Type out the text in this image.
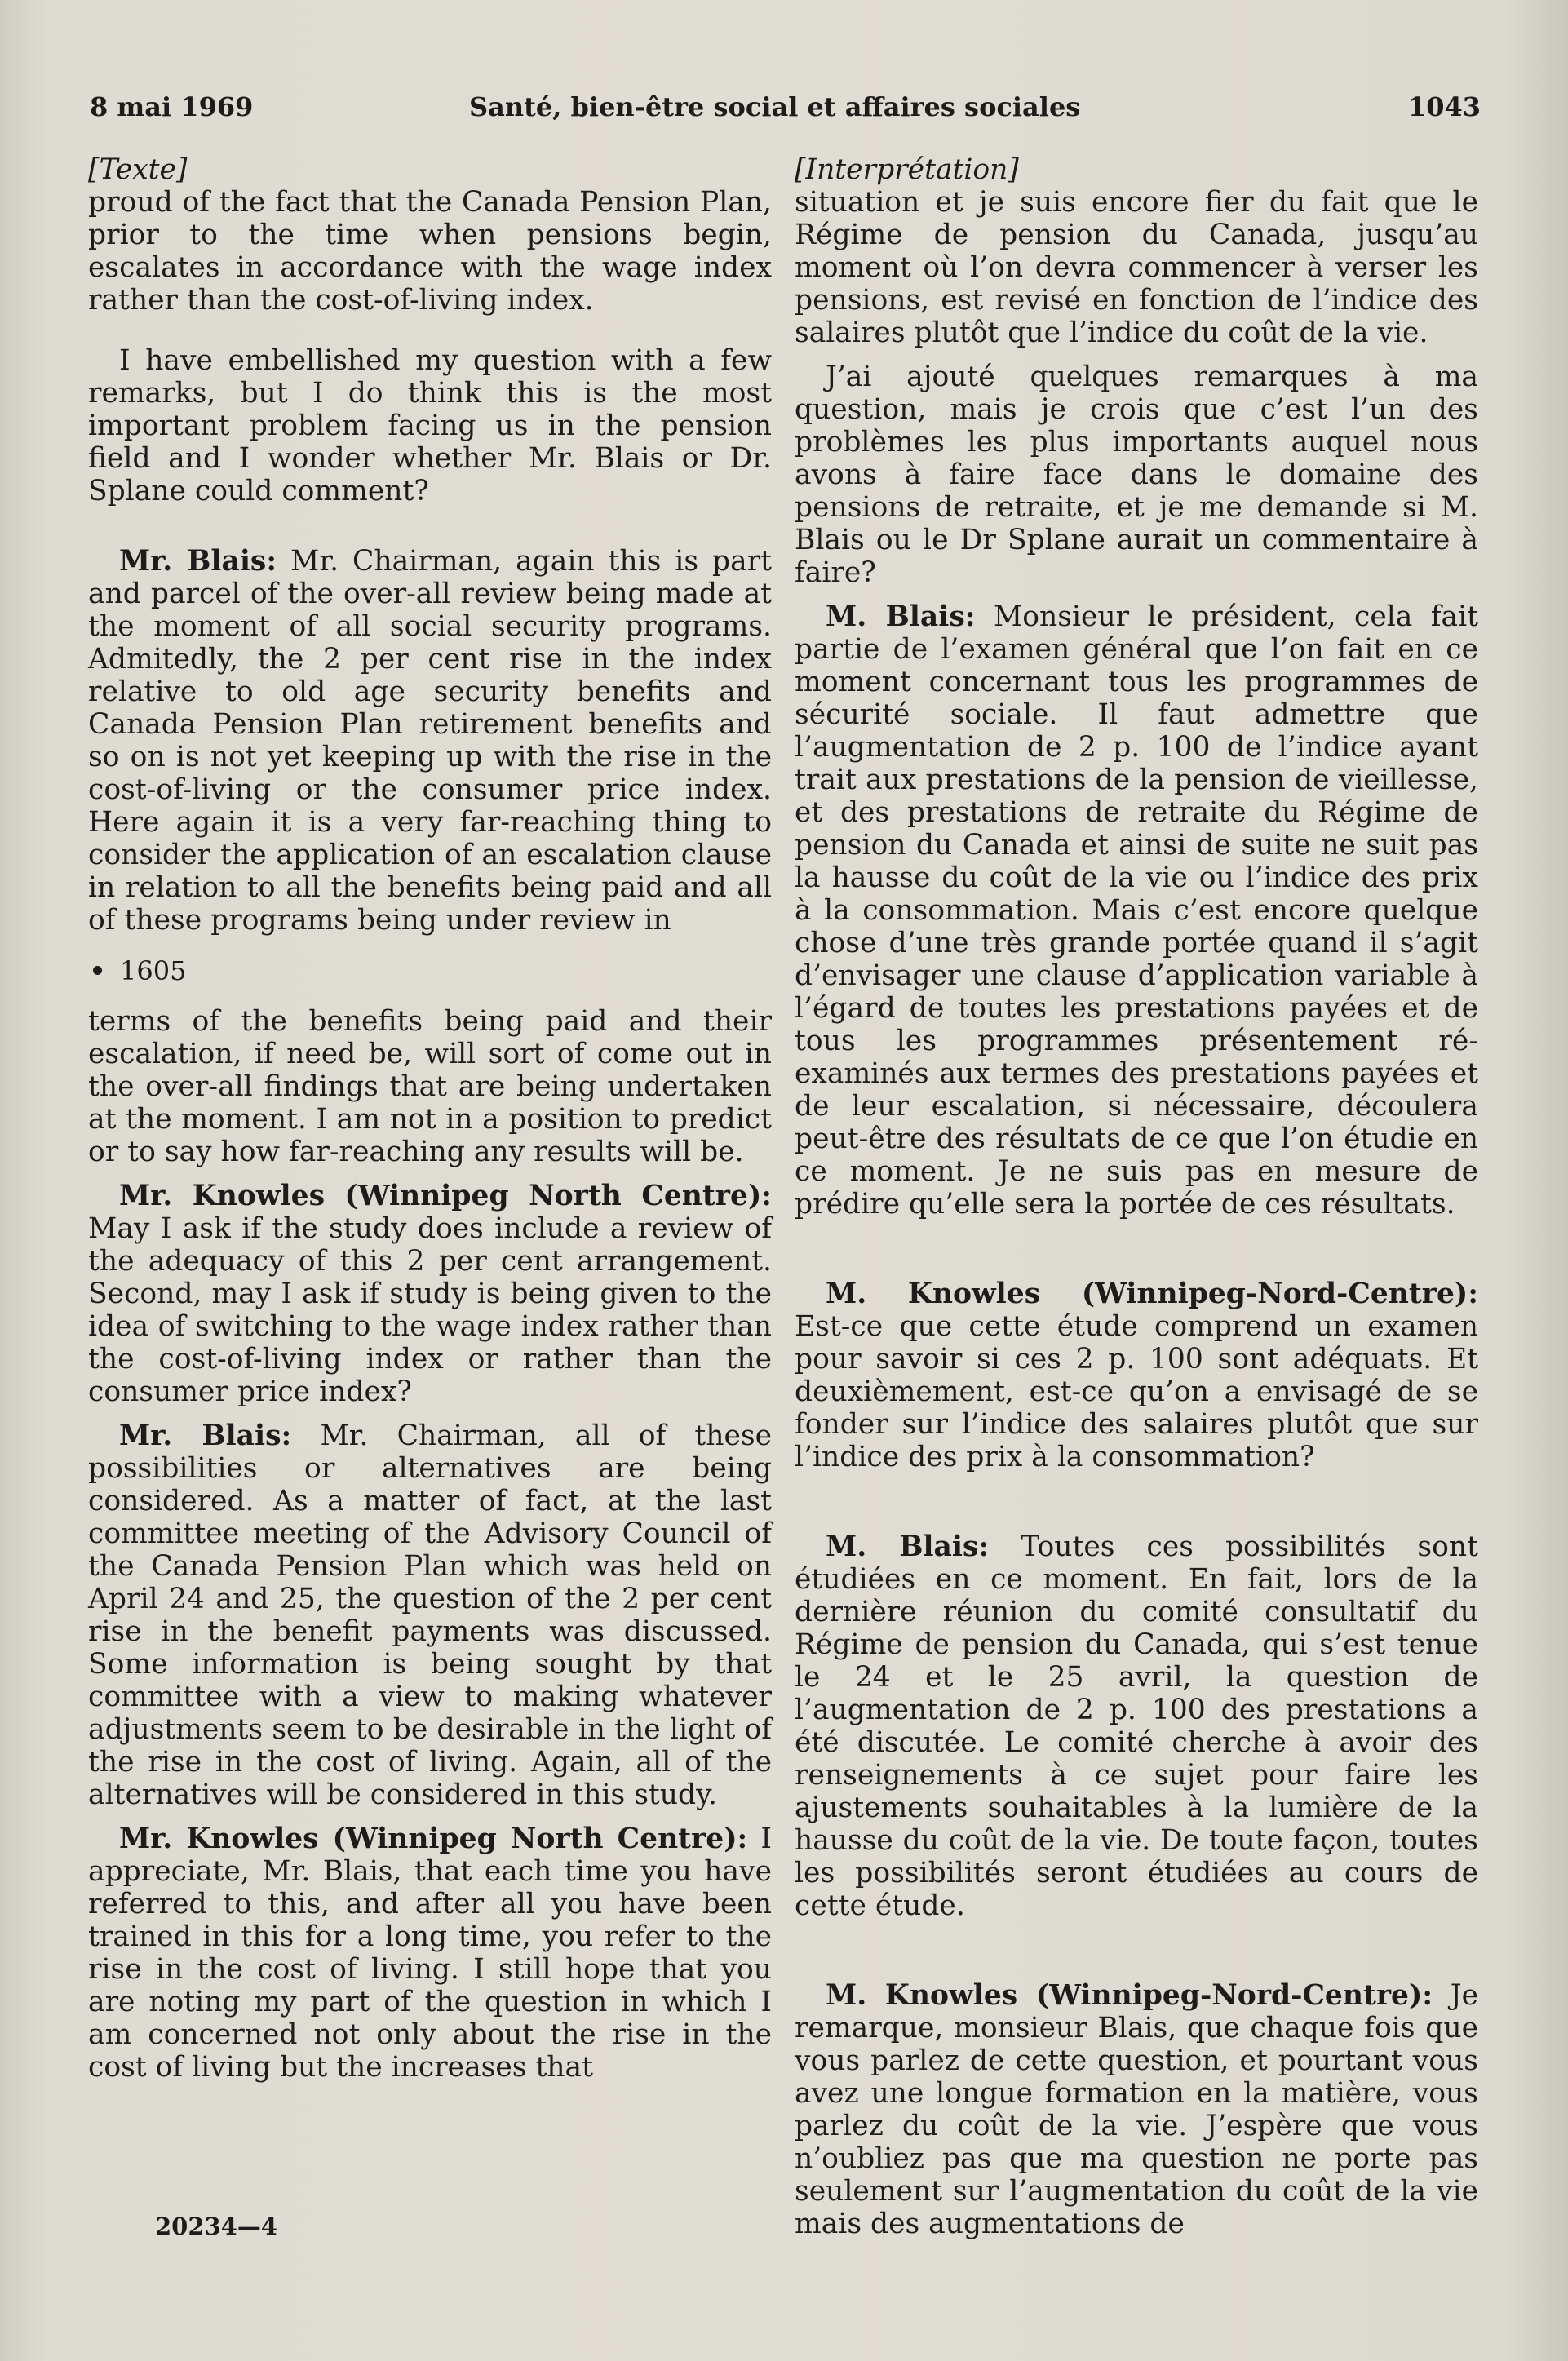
8 mai 1969	Santé, bien-être social et affaires sociales	1043
[Texte]

proud of the fact that the Canada Pension Plan, prior to the time when pensions begin, escalates in accordance with the wage index rather than the cost-of-living index.

I have embellished my question with a few remarks, but I do think this is the most important problem facing us in the pension field and I wonder whether Mr. Blais or Dr. Splane could comment?

Mr. Blais: Mr. Chairman, again this is part and parcel of the over-all review being made at the moment of all social security programs. Admitedly, the 2 per cent rise in the index relative to old age security benefits and Canada Pension Plan retirement benefits and so on is not yet keeping up with the rise in the cost-of-living or the consumer price index. Here again it is a very far-reaching thing to consider the application of an escalation clause in relation to all the benefits being paid and all of these programs being under review in

1605

terms of the benefits being paid and their escalation, if need be, will sort of come out in the over-all findings that are being undertaken at the moment. I am not in a position to predict or to say how far-reaching any results will be.

Mr. Knowles (Winnipeg North Centre): May I ask if the study does include a review of the adequacy of this 2 per cent arrangement. Second, may I ask if study is being given to the idea of switching to the wage index rather than the cost-of-living index or rather than the consumer price index?

Mr. Blais: Mr. Chairman, all of these possibilities or alternatives are being considered. As a matter of fact, at the last committee meeting of the Advisory Council of the Canada Pension Plan which was held on April 24 and 25, the question of the 2 per cent rise in the benefit payments was discussed. Some information is being sought by that committee with a view to making whatever adjustments seem to be desirable in the light of the rise in the cost of living. Again, all of the alternatives will be considered in this study.

Mr. Knowles (Winnipeg North Centre): I appreciate, Mr. Blais, that each time you have referred to this, and after all you have been trained in this for a long time, you refer to the rise in the cost of living. I still hope that you are noting my part of the question in which I am concerned not only about the rise in the cost of living but the increases that

[Interprétation]

situation et je suis encore fier du fait que le Régime de pension du Canada, jusqu’au moment où l’on devra commencer à verser les pensions, est revisé en fonction de l’indice des salaires plutôt que l’indice du coût de la vie.

J’ai ajouté quelques remarques à ma question, mais je crois que c’est l’un des problèmes les plus importants auquel nous avons à faire face dans le domaine des pensions de retraite, et je me demande si M. Blais ou le Dr Splane aurait un commentaire à faire?

M. Blais: Monsieur le président, cela fait partie de l’examen général que l’on fait en ce moment concernant tous les programmes de sécurité sociale. Il faut admettre que l’augmentation de 2 p. 100 de l’indice ayant trait aux prestations de la pension de vieillesse, et des prestations de retraite du Régime de pension du Canada et ainsi de suite ne suit pas la hausse du coût de la vie ou l’indice des prix à la consommation. Mais c’est encore quelque chose d’une très grande portée quand il s’agit d’envisager une clause d’application variable à l’égard de toutes les prestations payées et de tous les programmes présentement ré-examinés aux termes des prestations payées et de leur escalation, si nécessaire, découlera peut-être des résultats de ce que l’on étudie en ce moment. Je ne suis pas en mesure de prédire qu’elle sera la portée de ces résultats.

M. Knowles (Winnipeg-Nord-Centre): Est-ce que cette étude comprend un examen pour savoir si ces 2 p. 100 sont adéquats. Et deuxièmement, est-ce qu’on a envisagé de se fonder sur l’indice des salaires plutôt que sur l’indice des prix à la consommation?

M. Blais: Toutes ces possibilités sont étudiées en ce moment. En fait, lors de la dernière réunion du comité consultatif du Régime de pension du Canada, qui s’est tenue le 24 et le 25 avril, la question de l’augmentation de 2 p. 100 des prestations a été discutée. Le comité cherche à avoir des renseignements à ce sujet pour faire les ajustements souhaitables à la lumière de la hausse du coût de la vie. De toute façon, toutes les possibilités seront étudiées au cours de cette étude.

M. Knowles (Winnipeg-Nord-Centre): Je remarque, monsieur Blais, que chaque fois que vous parlez de cette question, et pourtant vous avez une longue formation en la matière, vous parlez du coût de la vie. J’espère que vous n’oubliez pas que ma question ne porte pas seulement sur l’augmentation du coût de la vie mais des augmentations de

20234—4
